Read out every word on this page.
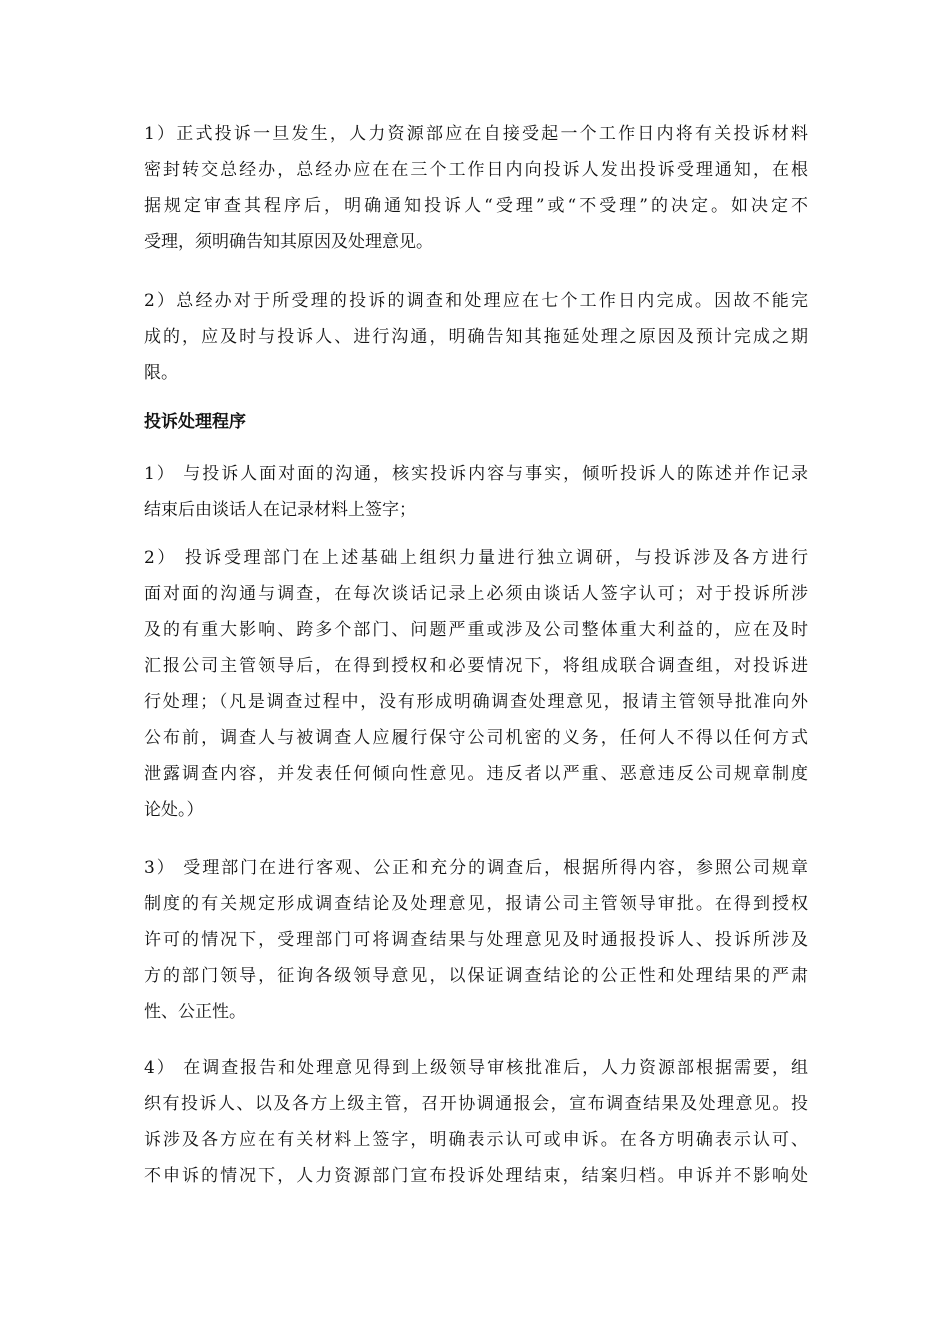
1）正式投诉一旦发生，人力资源部应在自接受起一个工作日内将有关投诉材料
密封转交总经办，总经办应在在三个工作日内向投诉人发出投诉受理通知，在根
据规定审查其程序后，明确通知投诉人“受理”或“不受理”的决定。如决定不
受理，须明确告知其原因及处理意见。
2）总经办对于所受理的投诉的调查和处理应在七个工作日内完成。因故不能完
成的，应及时与投诉人、进行沟通，明确告知其拖延处理之原因及预计完成之期
限。
投诉处理程序
1） 与投诉人面对面的沟通，核实投诉内容与事实，倾听投诉人的陈述并作记录
结束后由谈话人在记录材料上签字；
2） 投诉受理部门在上述基础上组织力量进行独立调研，与投诉涉及各方进行
面对面的沟通与调查，在每次谈话记录上必须由谈话人签字认可；对于投诉所涉
及的有重大影响、跨多个部门、问题严重或涉及公司整体重大利益的，应在及时
汇报公司主管领导后，在得到授权和必要情况下，将组成联合调查组，对投诉进
行处理；（凡是调查过程中，没有形成明确调查处理意见，报请主管领导批准向外
公布前，调查人与被调查人应履行保守公司机密的义务，任何人不得以任何方式
泄露调查内容，并发表任何倾向性意见。违反者以严重、恶意违反公司规章制度
论处。）
3） 受理部门在进行客观、公正和充分的调查后，根据所得内容，参照公司规章
制度的有关规定形成调查结论及处理意见，报请公司主管领导审批。在得到授权
许可的情况下，受理部门可将调查结果与处理意见及时通报投诉人、投诉所涉及
方的部门领导，征询各级领导意见，以保证调查结论的公正性和处理结果的严肃
性、公正性。
4） 在调查报告和处理意见得到上级领导审核批准后，人力资源部根据需要，组
织有投诉人、以及各方上级主管，召开协调通报会，宣布调查结果及处理意见。投
诉涉及各方应在有关材料上签字，明确表示认可或申诉。在各方明确表示认可、
不申诉的情况下，人力资源部门宣布投诉处理结束，结案归档。申诉并不影响处
